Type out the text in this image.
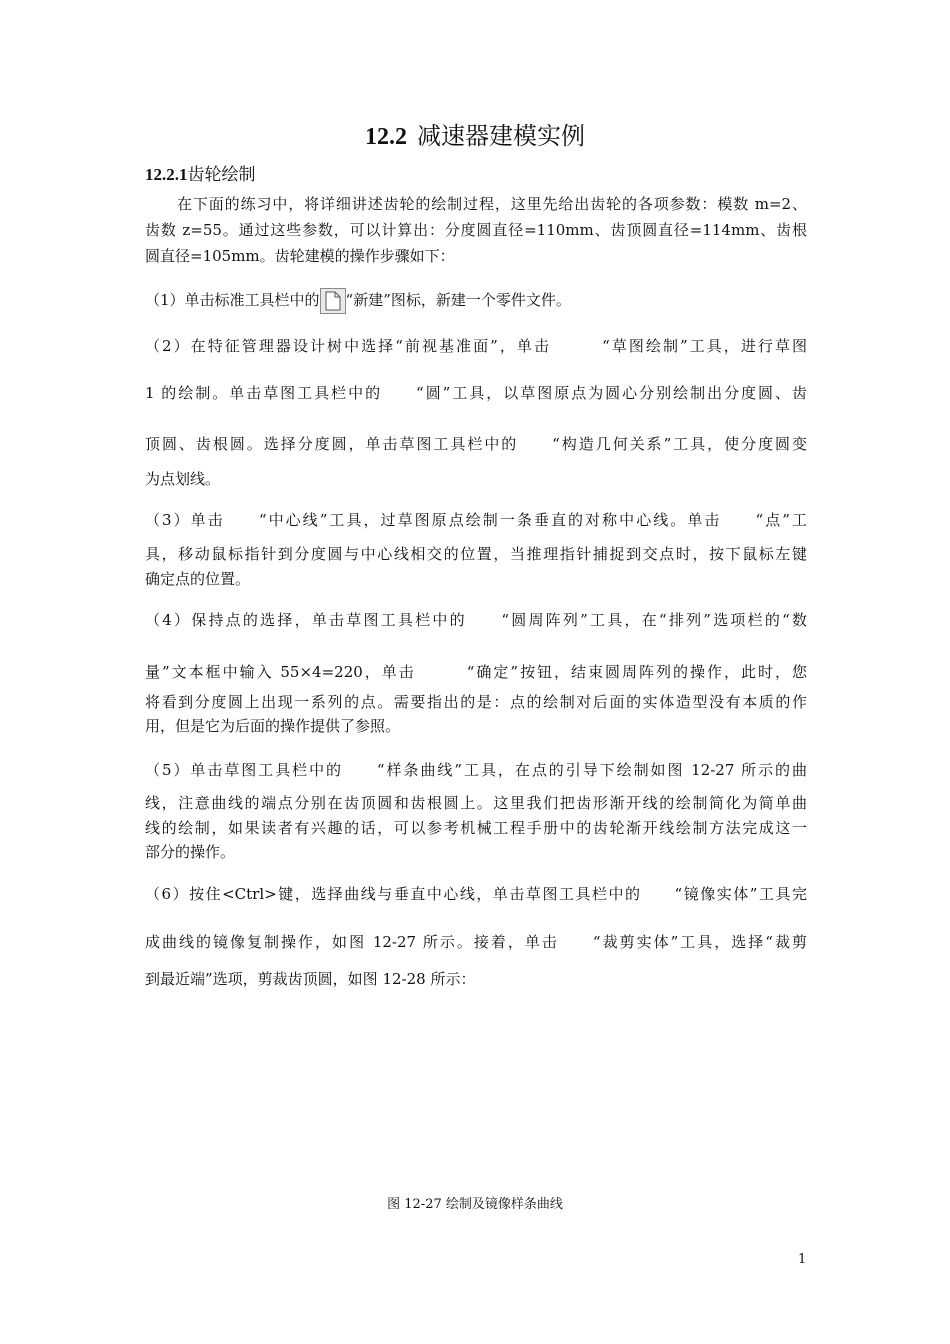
12.2 减速器建模实例
12.2.1齿轮绘制
在下面的练习中，将详细讲述齿轮的绘制过程，这里先给出齿轮的各项参数：模数 m=2、
齿数 z=55。通过这些参数，可以计算出：分度圆直径=110mm、齿顶圆直径=114mm、齿根
圆直径=105mm。齿轮建模的操作步骤如下：
（1）单击标准工具栏中的 “新建”图标，新建一个零件文件。
（2）在特征管理器设计树中选择“前视基准面”，单击　　　“草图绘制”工具，进行草图
1 的绘制。单击草图工具栏中的　　“圆”工具，以草图原点为圆心分别绘制出分度圆、齿
顶圆、齿根圆。选择分度圆，单击草图工具栏中的　　“构造几何关系”工具，使分度圆变
为点划线。
（3）单击　　“中心线”工具，过草图原点绘制一条垂直的对称中心线。单击　　“点”工
具，移动鼠标指针到分度圆与中心线相交的位置，当推理指针捕捉到交点时，按下鼠标左键
确定点的位置。
（4）保持点的选择，单击草图工具栏中的　　“圆周阵列”工具，在“排列”选项栏的“数
量”文本框中输入 55×4=220，单击　　　“确定”按钮，结束圆周阵列的操作，此时，您
将看到分度圆上出现一系列的点。需要指出的是：点的绘制对后面的实体造型没有本质的作
用，但是它为后面的操作提供了参照。
（5）单击草图工具栏中的　　“样条曲线”工具，在点的引导下绘制如图 12-27 所示的曲
线，注意曲线的端点分别在齿顶圆和齿根圆上。这里我们把齿形渐开线的绘制简化为简单曲
线的绘制，如果读者有兴趣的话，可以参考机械工程手册中的齿轮渐开线绘制方法完成这一
部分的操作。
（6）按住<Ctrl>键，选择曲线与垂直中心线，单击草图工具栏中的　　“镜像实体”工具完
成曲线的镜像复制操作，如图 12-27 所示。接着，单击　　“裁剪实体”工具，选择“裁剪
到最近端”选项，剪裁齿顶圆，如图 12-28 所示：
图 12-27 绘制及镜像样条曲线
1
